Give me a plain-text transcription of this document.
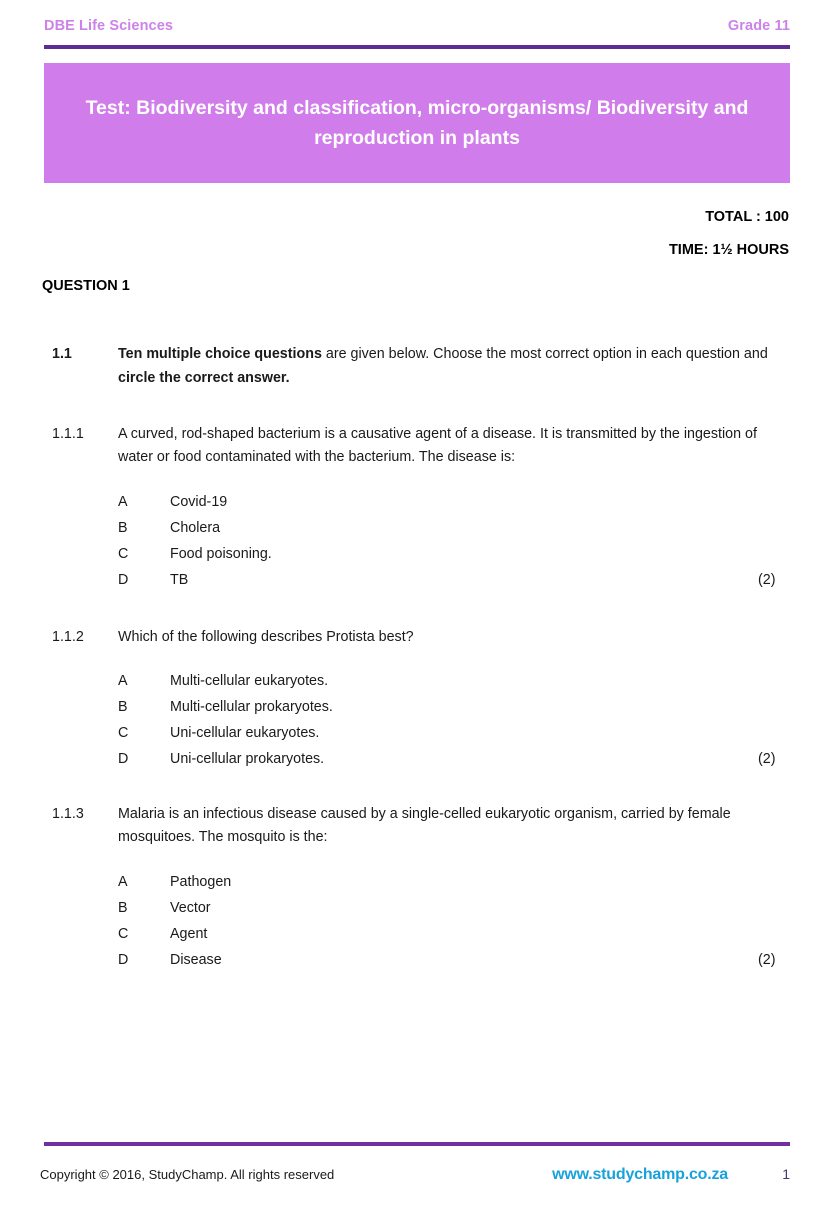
DBE Life Sciences	Grade 11
Test: Biodiversity and classification, micro-organisms/ Biodiversity and reproduction in plants
TOTAL : 100
TIME: 1½ HOURS
QUESTION 1
1.1	Ten multiple choice questions are given below. Choose the most correct option in each question and circle the correct answer.
1.1.1	A curved, rod-shaped bacterium is a causative agent of a disease. It is transmitted by the ingestion of water or food contaminated with the bacterium. The disease is:
A	Covid-19
B	Cholera
C	Food poisoning.
D	TB	(2)
1.1.2	Which of the following describes Protista best?
A	Multi-cellular eukaryotes.
B	Multi-cellular prokaryotes.
C	Uni-cellular eukaryotes.
D	Uni-cellular prokaryotes.	(2)
1.1.3	Malaria is an infectious disease caused by a single-celled eukaryotic organism, carried by female mosquitoes. The mosquito is the:
A	Pathogen
B	Vector
C	Agent
D	Disease	(2)
Copyright © 2016, StudyChamp. All rights reserved	www.studychamp.co.za	1
